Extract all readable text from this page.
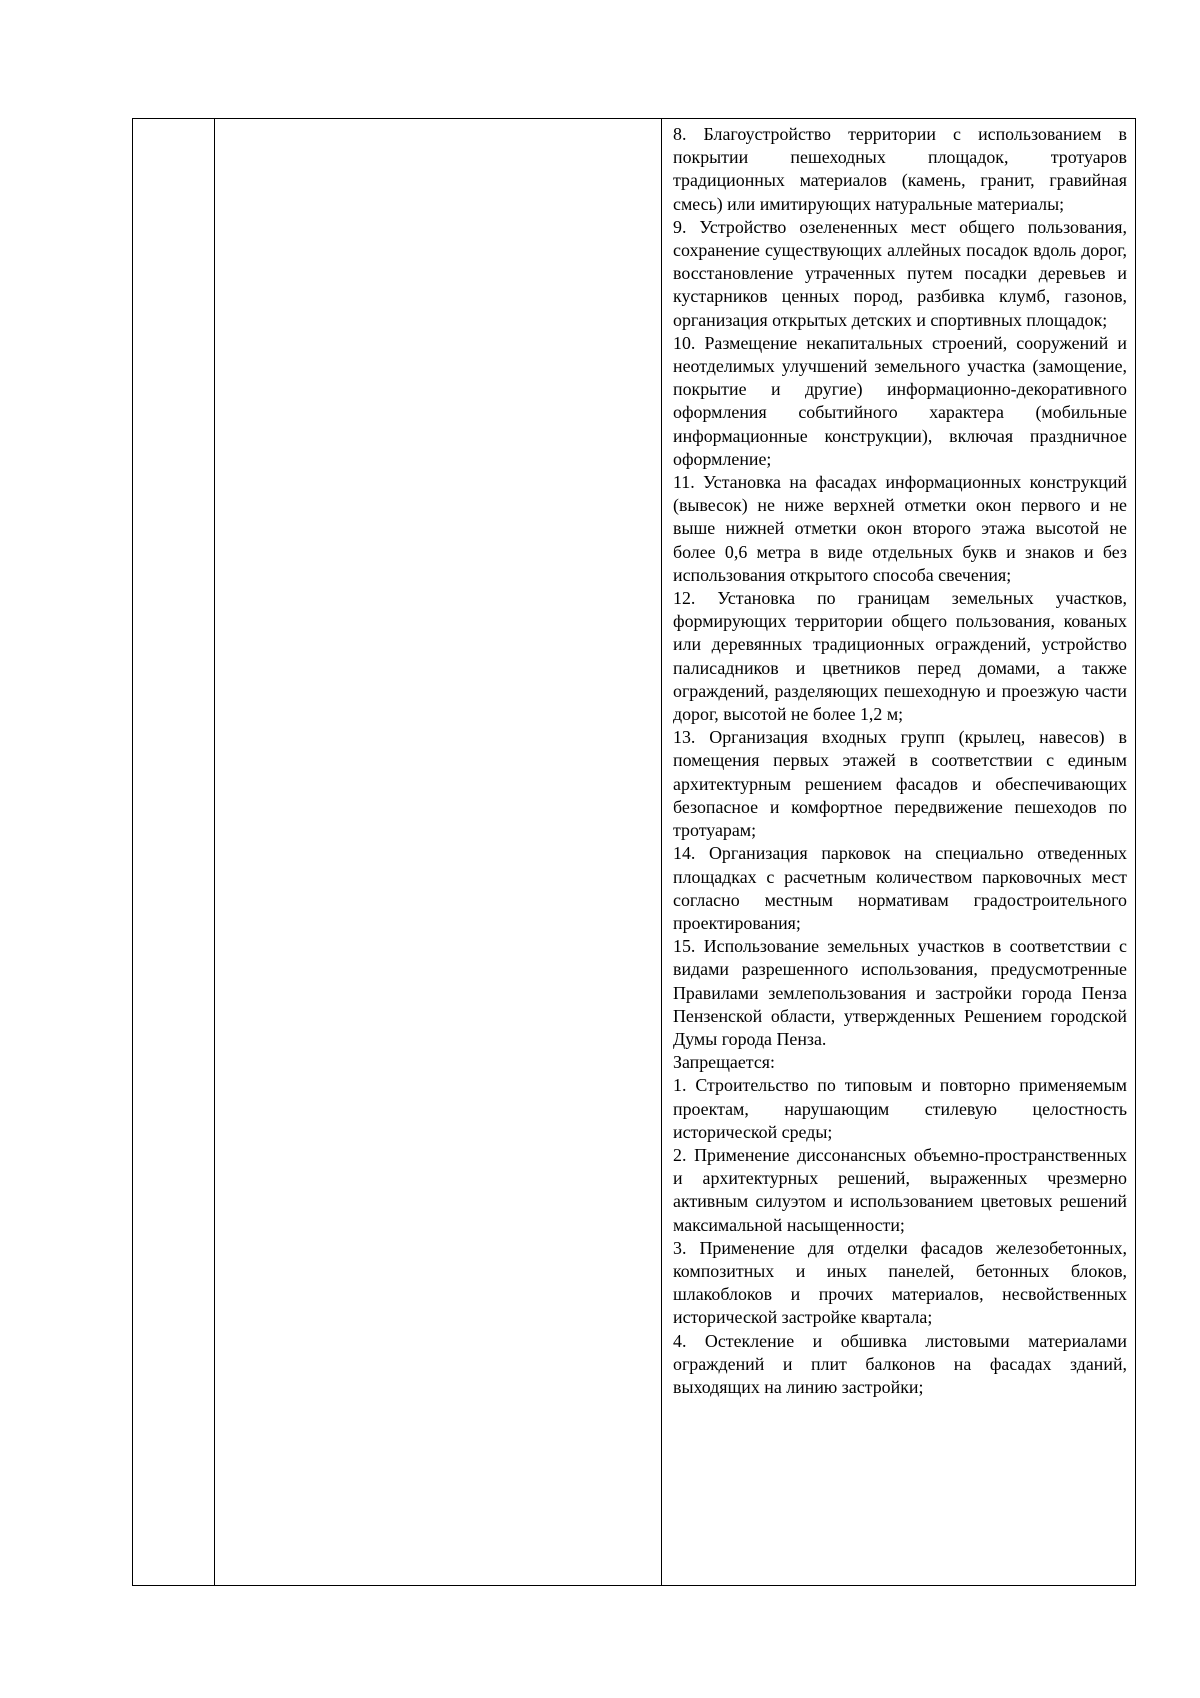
8. Благоустройство территории с использованием в покрытии пешеходных площадок, тротуаров традиционных материалов (камень, гранит, гравийная смесь) или имитирующих натуральные материалы;

9. Устройство озелененных мест общего пользования, сохранение существующих аллейных посадок вдоль дорог, восстановление утраченных путем посадки деревьев и кустарников ценных пород, разбивка клумб, газонов, организация открытых детских и спортивных площадок;

10. Размещение некапитальных строений, сооружений и неотделимых улучшений земельного участка (замощение, покрытие и другие) информационно-декоративного оформления событийного характера (мобильные информационные конструкции), включая праздничное оформление;

11. Установка на фасадах информационных конструкций (вывесок) не ниже верхней отметки окон первого и не выше нижней отметки окон второго этажа высотой не более 0,6 метра в виде отдельных букв и знаков и без использования открытого способа свечения;

12. Установка по границам земельных участков, формирующих территории общего пользования, кованых или деревянных традиционных ограждений, устройство палисадников и цветников перед домами, а также ограждений, разделяющих пешеходную и проезжую части дорог, высотой не более 1,2 м;

13. Организация входных групп (крылец, навесов) в помещения первых этажей в соответствии с единым архитектурным решением фасадов и обеспечивающих безопасное и комфортное передвижение пешеходов по тротуарам;

14. Организация парковок на специально отведенных площадках с расчетным количеством парковочных мест согласно местным нормативам градостроительного проектирования;

15. Использование земельных участков в соответствии с видами разрешенного использования, предусмотренные Правилами землепользования и застройки города Пенза Пензенской области, утвержденных Решением городской Думы города Пенза.

Запрещается:

1. Строительство по типовым и повторно применяемым проектам, нарушающим стилевую целостность исторической среды;

2. Применение диссонансных объемно-пространственных и архитектурных решений, выраженных чрезмерно активным силуэтом и использованием цветовых решений максимальной насыщенности;

3. Применение для отделки фасадов железобетонных, композитных и иных панелей, бетонных блоков, шлакоблоков и прочих материалов, несвойственных исторической застройке квартала;

4. Остекление и обшивка листовыми материалами ограждений и плит балконов на фасадах зданий, выходящих на линию застройки;
